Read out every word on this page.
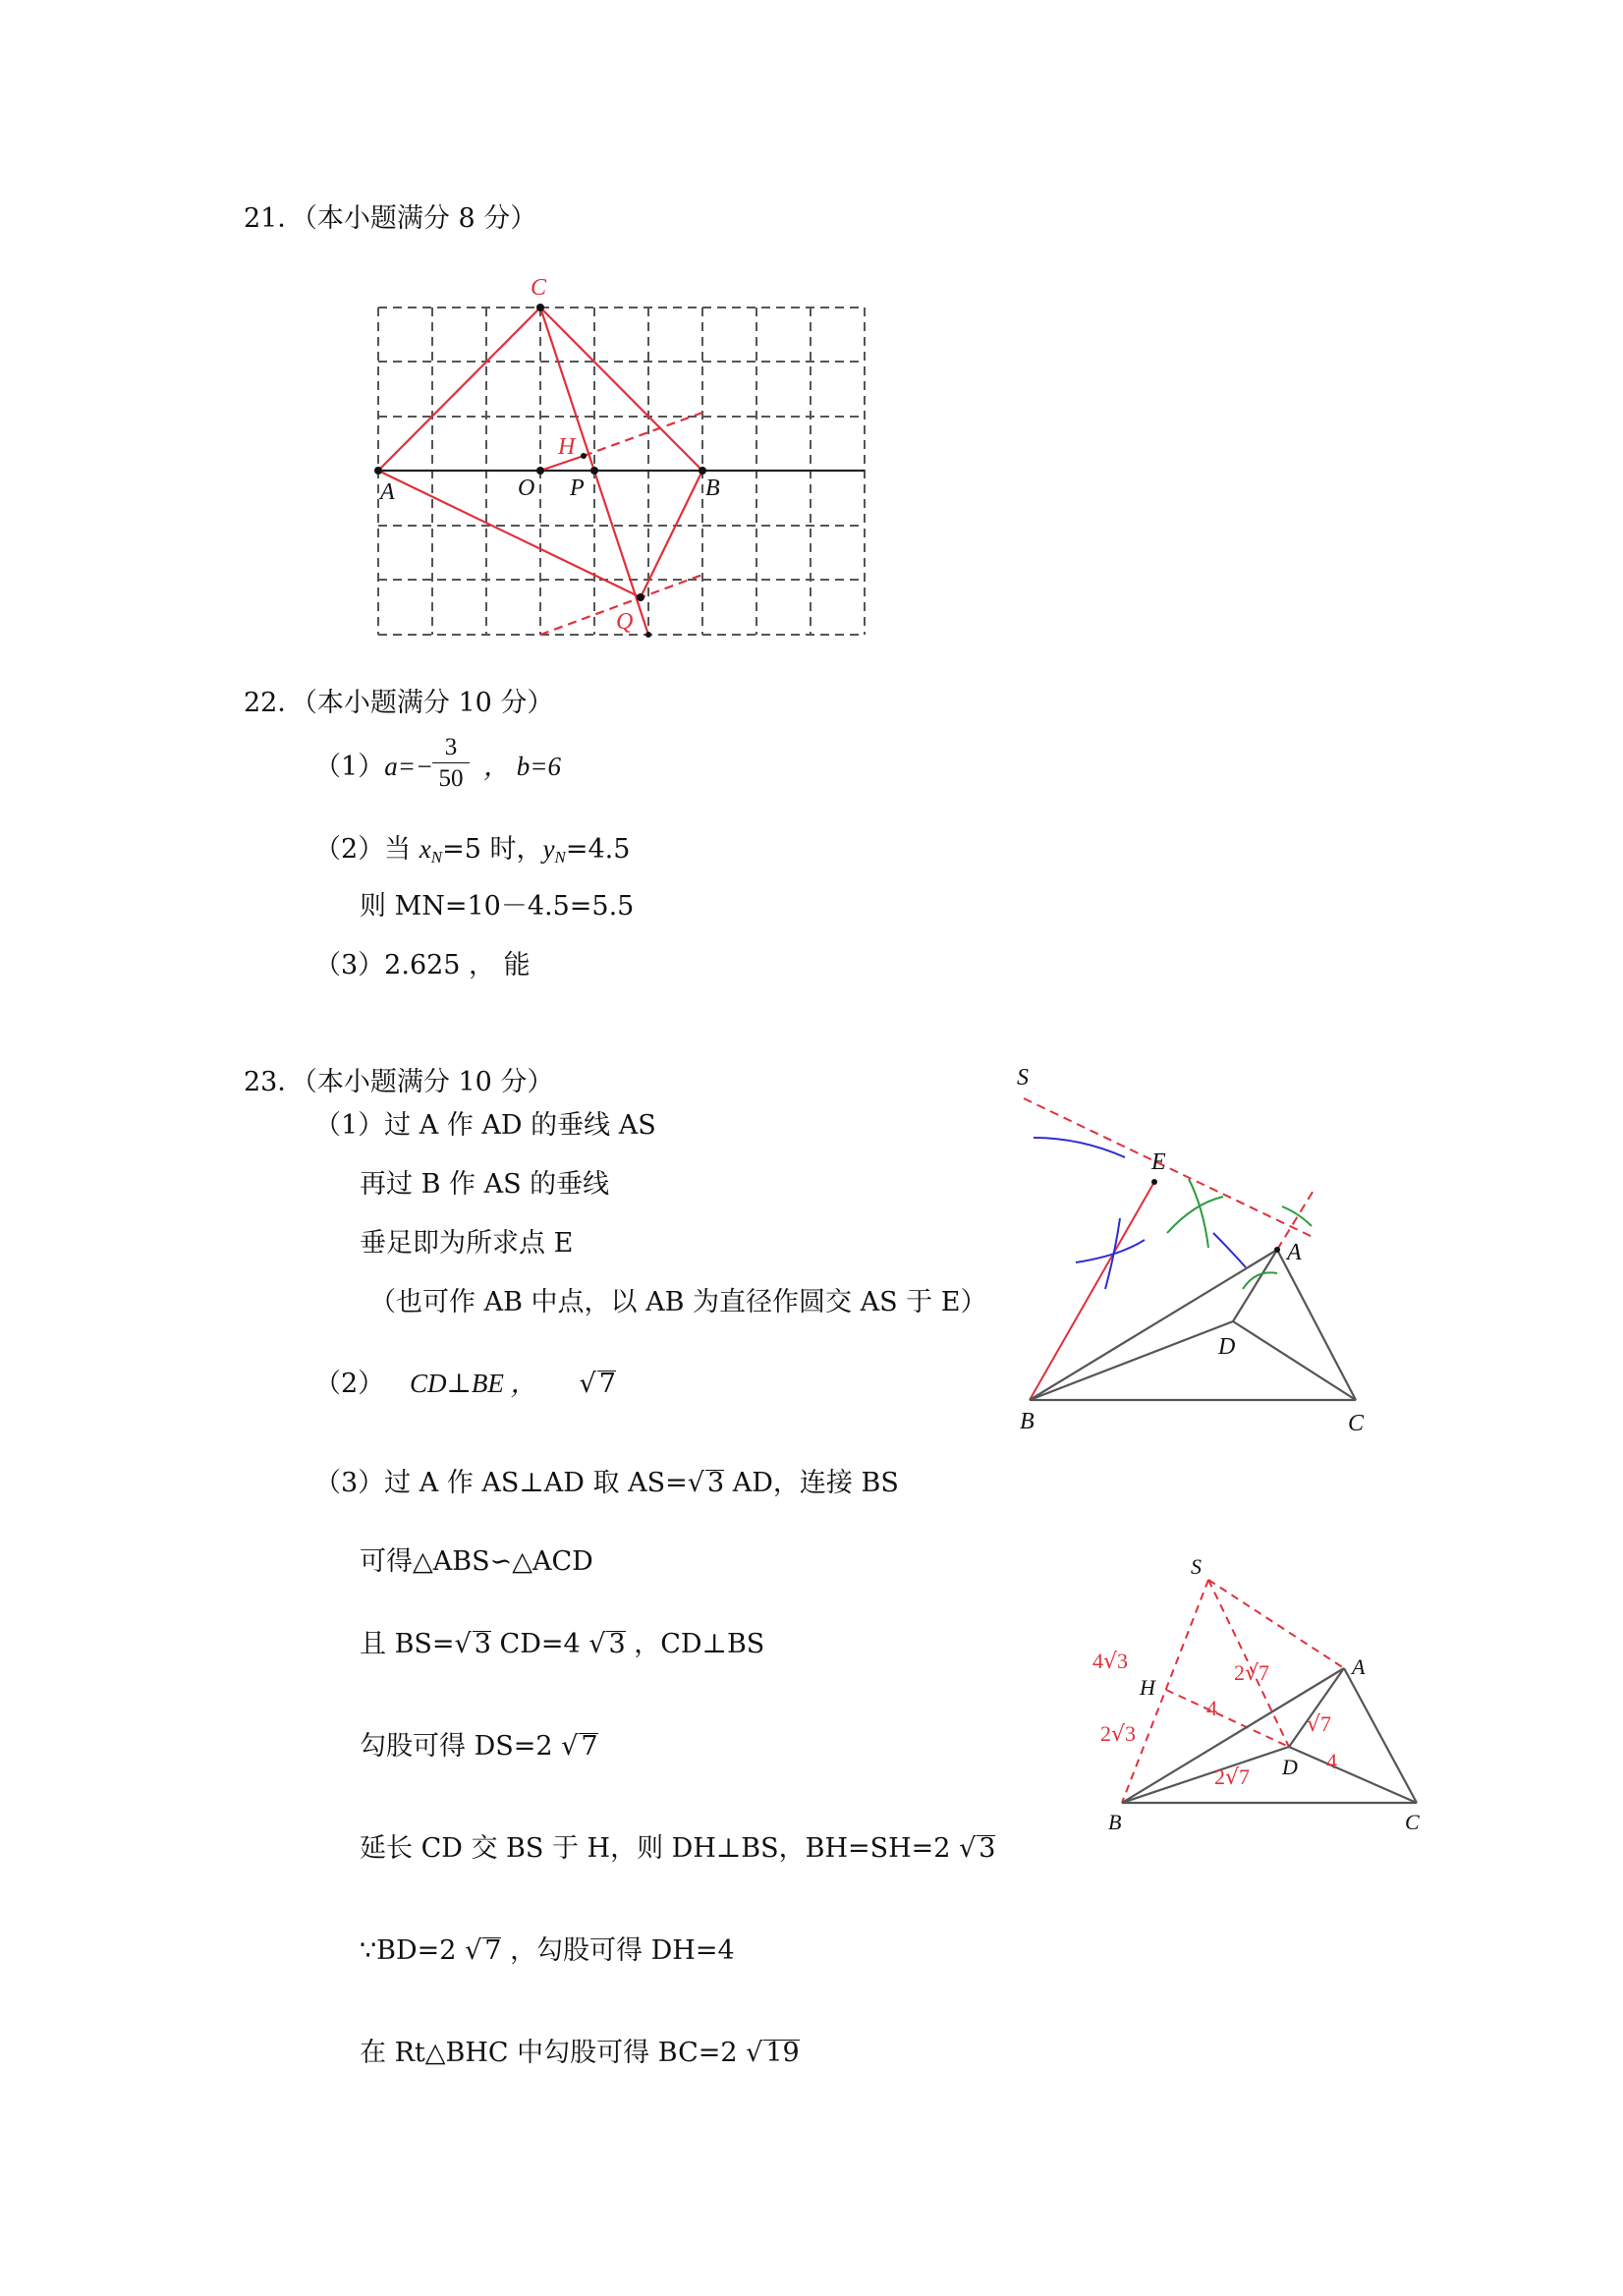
21．（本小题满分 8 分）
C
A	O
H
P	B
Q
22．（本小题满分 10 分）
（1）a=−
$\frac{3}{50}$ ， b=6
（2）当 $x_N=5$ 时，$y_N=4.5$
则 MN=10－4.5=5.5
（3）2.625 ， 能
23．（本小题满分 10 分）
（1）过 A 作 AD 的垂线 AS
再过 B 作 AS 的垂线
垂足即为所求点 E
（也可作 AB 中点，以 AB 为直径作圆交 AS 于 E）
（2） CD⊥BE ， √ 7
（3）过 A 作 AS⊥AD 取 AS=√ 3 AD，连接 BS
可得△ABS∽△ACD
且 BS=√ 3 CD=4 √ 3 ，CD⊥BS
勾股可得 DS=2 √ 7
延长 CD 交 BS 于 H，则 DH⊥BS，BH=SH=2 √ 3
∵BD=2 √ 7 ，勾股可得 DH=4
在 Rt△BHC 中勾股可得 BC=2 √ 19
S
E
A
D
B	C
S
A
H
D
B	C
4√3
2√3
4
2√7
√7
2√7
4
